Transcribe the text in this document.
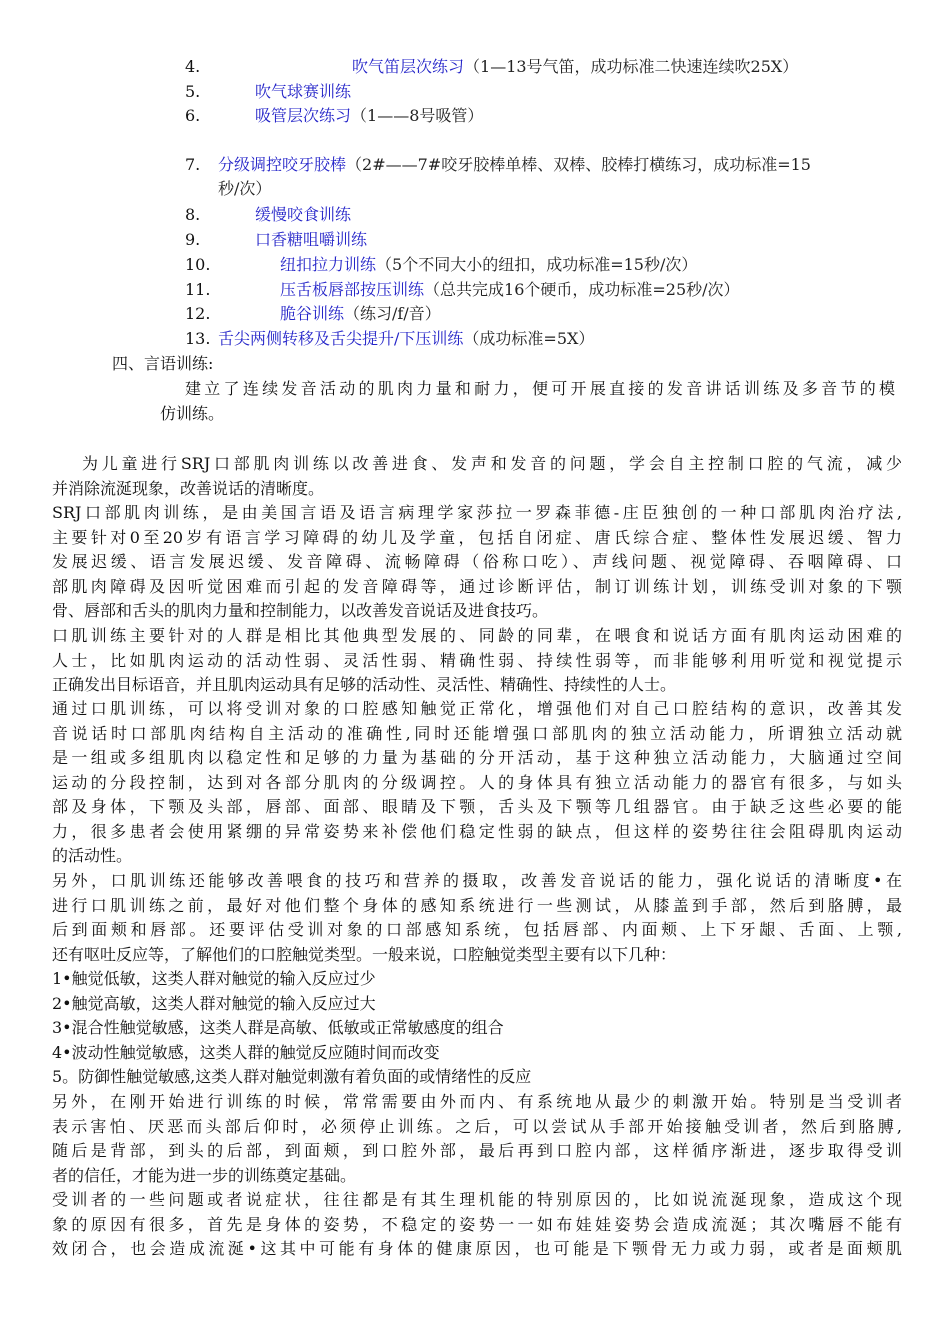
4.	吹气笛层次练习（1—13号气笛，成功标准二快速连续吹25X）
5.	吹气球赛训练
6.	吸管层次练习（1——8号吸管）
7. 分级调控咬牙胶棒（2#——7#咬牙胶棒单棒、双棒、胶棒打横练习，成功标准=15
秒/次）
8.	缓慢咬食训练
9.	口香糖咀嚼训练
10.	纽扣拉力训练（5个不同大小的纽扣，成功标准=15秒/次）
11.	压舌板唇部按压训练（总共完成16个硬币，成功标准=25秒/次）
12.	脆谷训练（练习/f/音）
13. 舌尖两侧转移及舌尖提升/下压训练（成功标准=5X）
四、言语训练:
建立了连续发音活动的肌肉力量和耐力，便可开展直接的发音讲话训练及多音节的模
仿训练。
为儿童进行SRJ口部肌肉训练以改善进食、发声和发音的问题，学会自主控制口腔的气流，减少
并消除流涎现象，改善说话的清晰度。
SRJ口部肌肉训练，是由美国言语及语言病理学家莎拉一罗森菲德-庄臣独创的一种口部肌肉治疗法,
主要针对0至20岁有语言学习障碍的幼儿及学童，包括自闭症、唐氏综合症、整体性发展迟缓、智力
发展迟缓、语言发展迟缓、发音障碍、流畅障碍（俗称口吃）、声线问题、视觉障碍、吞咽障碍、口
部肌肉障碍及因听觉困难而引起的发音障碍等，通过诊断评估，制订训练计划，训练受训对象的下颚
骨、唇部和舌头的肌肉力量和控制能力，以改善发音说话及进食技巧。
口肌训练主要针对的人群是相比其他典型发展的、同龄的同辈，在喂食和说话方面有肌肉运动困难的
人士，比如肌肉运动的活动性弱、灵活性弱、精确性弱、持续性弱等，而非能够利用听觉和视觉提示
正确发出目标语音，并且肌肉运动具有足够的活动性、灵活性、精确性、持续性的人士。
通过口肌训练，可以将受训对象的口腔感知触觉正常化，增强他们对自己口腔结构的意识，改善其发
音说话时口部肌肉结构自主活动的准确性,同时还能增强口部肌肉的独立活动能力，所谓独立活动就
是一组或多组肌肉以稳定性和足够的力量为基础的分开活动，基于这种独立活动能力，大脑通过空间
运动的分段控制，达到对各部分肌肉的分级调控。人的身体具有独立活动能力的器官有很多，与如头
部及身体，下颚及头部，唇部、面部、眼睛及下颚，舌头及下颚等几组器官。由于缺乏这些必要的能
力，很多患者会使用紧绷的异常姿势来补偿他们稳定性弱的缺点，但这样的姿势往往会阻碍肌肉运动
的活动性。
另外，口肌训练还能够改善喂食的技巧和营养的摄取，改善发音说话的能力，强化说话的清晰度•在
进行口肌训练之前，最好对他们整个身体的感知系统进行一些测试，从膝盖到手部，然后到胳膊，最
后到面颊和唇部。还要评估受训对象的口部感知系统，包括唇部、内面颊、上下牙龈、舌面、上颚,
还有呕吐反应等，了解他们的口腔触觉类型。一般来说，口腔触觉类型主要有以下几种：
1•触觉低敏，这类人群对触觉的输入反应过少
2•触觉高敏，这类人群对触觉的输入反应过大
3•混合性触觉敏感，这类人群是高敏、低敏或正常敏感度的组合
4•波动性触觉敏感，这类人群的触觉反应随时间而改变
5。防御性触觉敏感,这类人群对触觉刺激有着负面的或情绪性的反应
另外，在刚开始进行训练的时候，常常需要由外而内、有系统地从最少的刺激开始。特别是当受训者
表示害怕、厌恶而头部后仰时，必须停止训练。之后，可以尝试从手部开始接触受训者，然后到胳膊,
随后是背部，到头的后部，到面颊，到口腔外部，最后再到口腔内部，这样循序渐进，逐步取得受训
者的信任，才能为进一步的训练奠定基础。
受训者的一些问题或者说症状，往往都是有其生理机能的特别原因的，比如说流涎现象，造成这个现
象的原因有很多，首先是身体的姿势，不稳定的姿势一一如布娃娃姿势会造成流涎；其次嘴唇不能有
效闭合，也会造成流涎•这其中可能有身体的健康原因，也可能是下颚骨无力或力弱，或者是面颊肌
